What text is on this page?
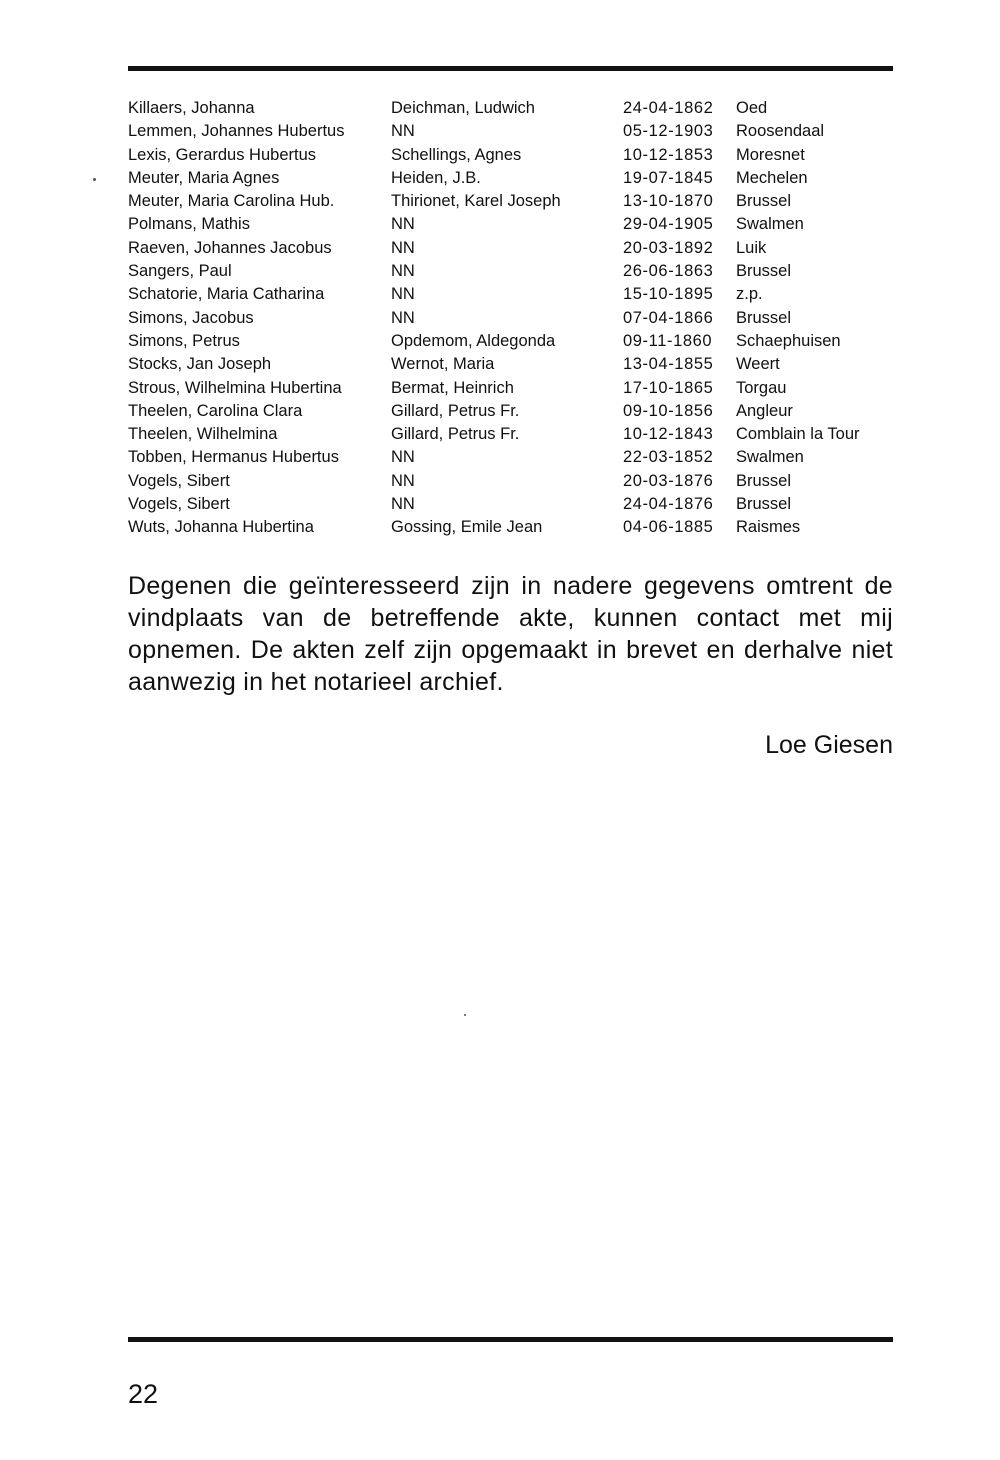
Killaers, Johanna	Deichman, Ludwich	24-04-1862 Oed
Lemmen, Johannes Hubertus	NN	05-12-1903 Roosendaal
Lexis, Gerardus Hubertus	Schellings, Agnes	10-12-1853 Moresnet
Meuter, Maria Agnes	Heiden, J.B.	19-07-1845 Mechelen
Meuter, Maria Carolina Hub.	Thirionet, Karel Joseph	13-10-1870 Brussel
Polmans, Mathis	NN	29-04-1905 Swalmen
Raeven, Johannes Jacobus	NN	20-03-1892 Luik
Sangers, Paul	NN	26-06-1863 Brussel
Schatorie, Maria Catharina	NN	15-10-1895 z.p.
Simons, Jacobus	NN	07-04-1866 Brussel
Simons, Petrus	Opdemom, Aldegonda	09-11-1860 Schaephuisen
Stocks, Jan Joseph	Wernot, Maria	13-04-1855 Weert
Strous, Wilhelmina Hubertina	Bermat, Heinrich	17-10-1865 Torgau
Theelen, Carolina Clara	Gillard, Petrus Fr.	09-10-1856 Angleur
Theelen, Wilhelmina	Gillard, Petrus Fr.	10-12-1843 Comblain la Tour
Tobben, Hermanus Hubertus	NN	22-03-1852 Swalmen
Vogels, Sibert	NN	20-03-1876 Brussel
Vogels, Sibert	NN	24-04-1876 Brussel
Wuts, Johanna Hubertina	Gossing, Emile Jean	04-06-1885 Raismes
Degenen die geïnteresseerd zijn in nadere gegevens omtrent de vindplaats van de betreffende akte, kunnen contact met mij opnemen. De akten zelf zijn opgemaakt in brevet en derhalve niet aanwezig in het notarieel archief.
Loe Giesen
22
